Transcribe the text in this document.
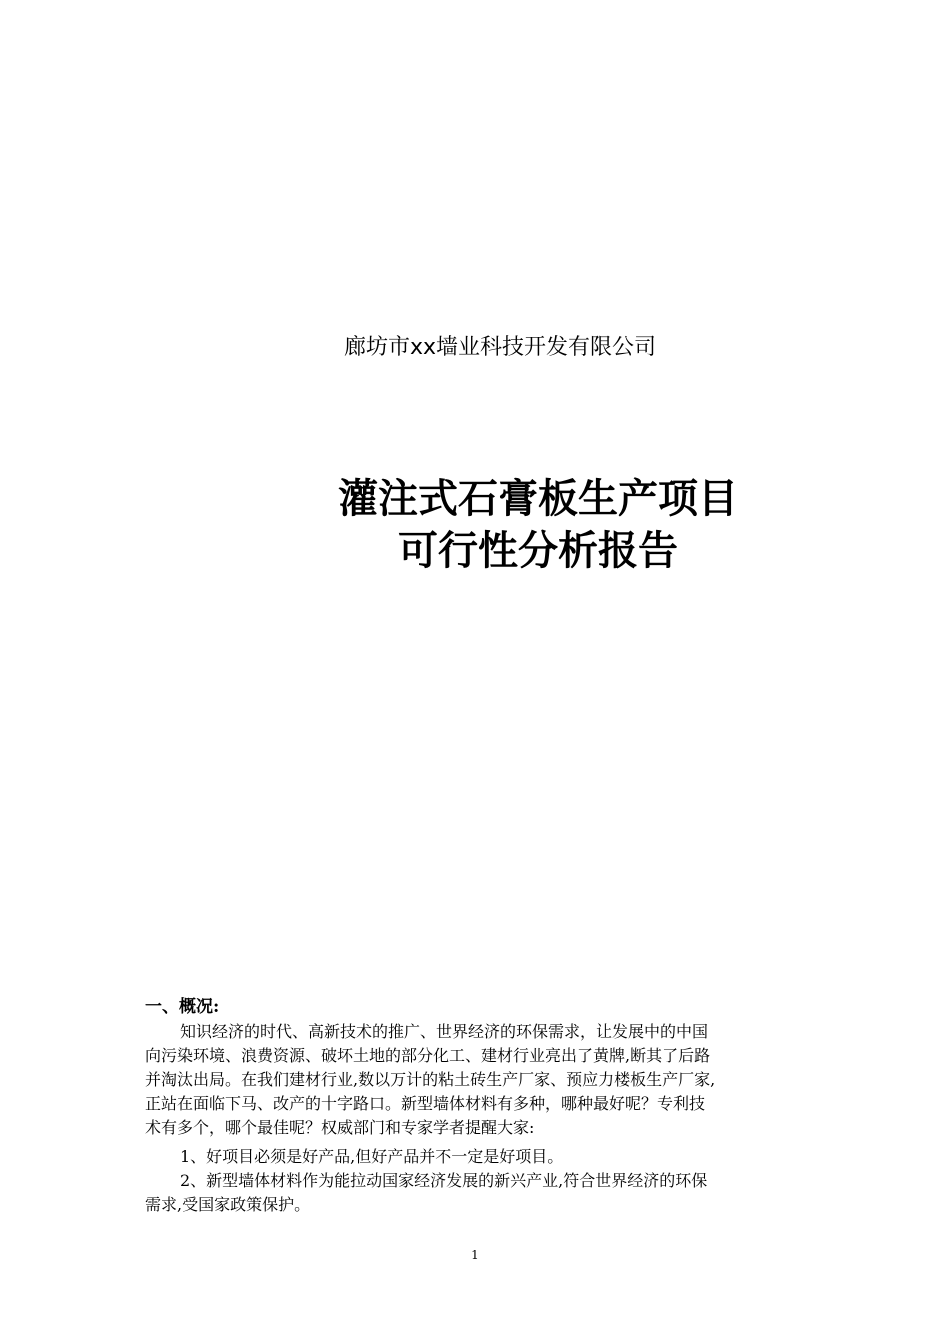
廊坊市xx墙业科技开发有限公司
灌注式石膏板生产项目
可行性分析报告
一、概况:
知识经济的时代、高新技术的推广、世界经济的环保需求，让发展中的中国
向污染环境、浪费资源、破坏土地的部分化工、建材行业亮出了黄牌,断其了后路
并淘汰出局。在我们建材行业,数以万计的粘土砖生产厂家、预应力楼板生产厂家,
正站在面临下马、改产的十字路口。新型墙体材料有多种，哪种最好呢？专利技
术有多个，哪个最佳呢？权威部门和专家学者提醒大家:
1、好项目必须是好产品,但好产品并不一定是好项目。
2、新型墙体材料作为能拉动国家经济发展的新兴产业,符合世界经济的环保
需求,受国家政策保护。
1
